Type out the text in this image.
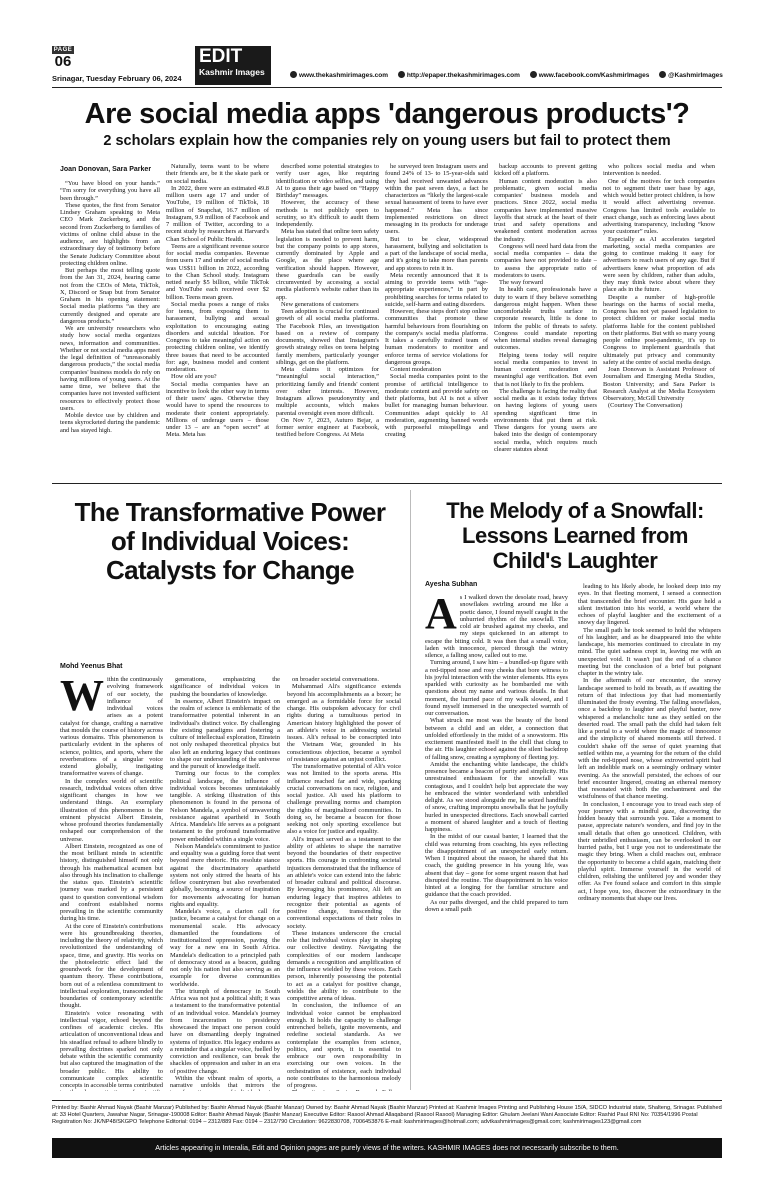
PAGE
06	EDIT
Kashmir Images
Srinagar, Tuesday February 06, 2024	www.thekashmirimages.com	http://epaper.thekashmirimages.com	www.facebook.com/KashmirImages	@KashmirImages
Are social media apps 'dangerous products'?
2 scholars explain how the companies rely on young users but fail to protect them
Joan Donovan, Sara Parker

“You have blood on your hands.” “I'm sorry for everything you have all been through.”

These quotes, the first from Senator Lindsey Graham speaking to Meta CEO Mark Zuckerberg, and the second from Zuckerberg to families of victims of online child abuse in the audience, are highlights from an extraordinary day of testimony before the Senate Judiciary Committee about protecting children online.

But perhaps the most telling quote from the Jan 31, 2024, hearing came not from the CEOs of Meta, TikTok, X, Discord or Snap but from Senator Graham in his opening statement: Social media platforms “as they are currently designed and operate are dangerous products.”

We are university researchers who study how social media organizes news, information and communities. Whether or not social media apps meet the legal definition of “unreasonably dangerous products,” the social media companies' business models do rely on having millions of young users. At the same time, we believe that the companies have not invested sufficient resources to effectively protect those users.

Mobile device use by children and teens skyrocketed during the pandemic and has stayed high.

Naturally, teens want to be where their friends are, be it the skate park or on social media.

In 2022, there were an estimated 49.8 million users age 17 and under of YouTube, 19 million of TikTok, 18 million of Snapchat, 16.7 million of Instagram, 9.9 million of Facebook and 7 million of Twitter, according to a recent study by researchers at Harvard's Chan School of Public Health.

Teens are a significant revenue source for social media companies. Revenue from users 17 and under of social media was US$11 billion in 2022, according to the Chan School study. Instagram netted nearly $5 billion, while TikTok and YouTube each received over $2 billion. Teens mean green.

Social media poses a range of risks for teens, from exposing them to harassment, bullying and sexual exploitation to encouraging eating disorders and suicidal ideation. For Congress to take meaningful action on protecting children online, we identify three issues that need to be accounted for: age, business model and content moderation.

How old are you?

Social media companies have an incentive to look the other way in terms of their users' ages. Otherwise they would have to spend the resources to moderate their content appropriately. Millions of underage users – those under 13 – are an “open secret” at Meta. Meta has

described some potential strategies to verify user ages, like requiring identification or video selfies, and using AI to guess their age based on “Happy Birthday” messages.

However, the accuracy of these methods is not publicly open to scrutiny, so it's difficult to audit them independently.

Meta has stated that online teen safety legislation is needed to prevent harm, but the company points to app stores, currently dominated by Apple and Google, as the place where age verification should happen. However, these guardrails can be easily circumvented by accessing a social media platform's website rather than its app.

New generations of customers

Teen adoption is crucial for continued growth of all social media platforms. The Facebook Files, an investigation based on a review of company documents, showed that Instagram's growth strategy relies on teens helping family members, particularly younger siblings, get on the platform.

Meta claims it optimizes for “meaningful social interaction,” prioritizing family and friends' content over other interests. However, Instagram allows pseudonymity and multiple accounts, which makes parental oversight even more difficult.

On Nov 7, 2023, Auturo Bejar, a former senior engineer at Facebook, testified before Congress. At Meta

he surveyed teen Instagram users and found 24% of 13- to 15-year-olds said they had received unwanted advances within the past seven days, a fact he characterizes as “likely the largest-scale sexual harassment of teens to have ever happened.” Meta has since implemented restrictions on direct messaging in its products for underage users.

But to be clear, widespread harassment, bullying and solicitation is a part of the landscape of social media, and it's going to take more than parents and app stores to rein it in.

Meta recently announced that it is aiming to provide teens with “age-appropriate experiences,” in part by prohibiting searches for terms related to suicide, self-harm and eating disorders.

However, these steps don't stop online communities that promote these harmful behaviours from flourishing on the company's social media platforms. It takes a carefully trained team of human moderators to monitor and enforce terms of service violations for dangerous groups.

Content moderation

Social media companies point to the promise of artificial intelligence to moderate content and provide safety on their platforms, but AI is not a silver bullet for managing human behaviour. Communities adapt quickly to AI moderation, augmenting banned words with purposeful misspellings and creating

backup accounts to prevent getting kicked off a platform.

Human content moderation is also problematic, given social media companies' business models and practices. Since 2022, social media companies have implemented massive layoffs that struck at the heart of their trust and safety operations and weakened content moderation across the industry.

Congress will need hard data from the social media companies – data the companies have not provided to date – to assess the appropriate ratio of moderators to users.

The way forward

In health care, professionals have a duty to warn if they believe something dangerous might happen. When these uncomfortable truths surface in corporate research, little is done to inform the public of threats to safety. Congress could mandate reporting when internal studies reveal damaging outcomes.

Helping teens today will require social media companies to invest in human content moderation and meaningful age verification. But even that is not likely to fix the problem.

The challenge is facing the reality that social media as it exists today thrives on having legions of young users spending significant time in environments that put them at risk. These dangers for young users are baked into the design of contemporary social media, which requires much clearer statutes about

who polices social media and when intervention is needed.

One of the motives for tech companies not to segment their user base by age, which would better protect children, is how it would affect advertising revenue. Congress has limited tools available to enact change, such as enforcing laws about advertising transparency, including “know your customer” rules.

Especially as AI accelerates targeted marketing, social media companies are going to continue making it easy for advertisers to reach users of any age. But if advertisers knew what proportion of ads were seen by children, rather than adults, they may think twice about where they place ads in the future.

Despite a number of high-profile hearings on the harms of social media, Congress has not yet passed legislation to protect children or make social media platforms liable for the content published on their platforms. But with so many young people online post-pandemic, it's up to Congress to implement guardrails that ultimately put privacy and community safety at the centre of social media design.

Joan Donovan is Assistant Professor of Journalism and Emerging Media Studies, Boston University; and Sara Parker is Research Analyst at the Media Ecosystem Observatory, McGill University

(Courtesy The Conversation)

The Transformative Power of Individual Voices: Catalysts for Change
Mohd Yeenus Bhat

Within the continuously evolving framework of our society, the influence of individual voices arises as a potent catalyst for change, crafting a narrative that moulds the course of history across various domains. This phenomenon is particularly evident in the spheres of science, politics, and sports, where the reverberations of a singular voice extend globally, instigating transformative waves of change.

In the complex world of scientific research, individual voices often drive significant changes in how we understand things. An exemplary illustration of this phenomenon is the eminent physicist Albert Einstein, whose profound theories fundamentally reshaped our comprehension of the universe.

Albert Einstein, recognized as one of the most brilliant minds in scientific history, distinguished himself not only through his mathematical acumen but also through his inclination to challenge the status quo. Einstein's scientific journey was marked by a persistent quest to question conventional wisdom and confront established norms prevailing in the scientific community during his time.

At the core of Einstein's contributions were his groundbreaking theories, including the theory of relativity, which revolutionized the understanding of space, time, and gravity. His works on the photoelectric effect laid the groundwork for the development of quantum theory. These contributions, born out of a relentless commitment to intellectual exploration, transcended the boundaries of contemporary scientific thought.

Einstein's voice resonating with intellectual vigor, echoed beyond the confines of academic circles. His articulation of unconventional ideas and his steadfast refusal to adhere blindly to prevailing doctrines sparked not only debate within the scientific community but also captured the imagination of the broader public. His ability to communicate complex scientific concepts in accessible terms contributed

generations, emphasizing the significance of individual voices in pushing the boundaries of knowledge.

In essence, Albert Einstein's impact on the realm of science is emblematic of the transformative potential inherent in an individual's distinct voice. By challenging the existing paradigms and fostering a culture of intellectual exploration, Einstein not only reshaped theoretical physics but also left an enduring legacy that continues to shape our understanding of the universe and the pursuit of knowledge itself.

Turning our focus to the complex political landscape, the influence of individual voices becomes unmistakably tangible. A striking illustration of this phenomenon is found in the persona of Nelson Mandela, a symbol of unwavering resistance against apartheid in South Africa. Mandela's life serves as a poignant testament to the profound transformative power embedded within a single voice.

Nelson Mandela's commitment to justice and equality was a guiding force that went beyond mere rhetoric. His resolute stance against the discriminatory apartheid system not only stirred the hearts of his fellow countrymen but also reverberated globally, becoming a source of inspiration for movements advocating for human rights and equality.

Mandela's voice, a clarion call for justice, became a catalyst for change on a monumental scale. His advocacy dismantled the foundations of institutionalized oppression, paving the way for a new era in South Africa. Mandela's dedication to a principled path of democracy stood as a beacon, guiding not only his nation but also serving as an example for diverse communities worldwide.

The triumph of democracy in South Africa was not just a political shift; it was a testament to the transformative potential of an individual voice. Mandela's journey from incarceration to presidency showcased the impact one person could have on dismantling deeply ingrained systems of injustice. His legacy endures as a reminder that a singular voice, fuelled by conviction and resilience, can break the shackles of oppression and usher in an era of positive change.

Within the vibrant realm of sports, a narrative unfolds that mirrors the

on broader societal conversations.

Muhammad Ali's significance extends beyond his accomplishments as a boxer; he emerged as a formidable force for social change. His outspoken advocacy for civil rights during a tumultuous period in American history highlighted the power of an athlete's voice in addressing societal issues. Ali's refusal to be conscripted into the Vietnam War, grounded in his conscientious objection, became a symbol of resistance against an unjust conflict.

The transformative potential of Ali's voice was not limited to the sports arena. His influence reached far and wide, sparking crucial conversations on race, religion, and social justice. Ali used his platform to challenge prevailing norms and champion the rights of marginalized communities. In doing so, he became a beacon for those seeking not only sporting excellence but also a voice for justice and equality.

Ali's impact served as a testament to the ability of athletes to shape the narrative beyond the boundaries of their respective sports. His courage in confronting societal injustices demonstrated that the influence of an athlete's voice can extend into the fabric of broader cultural and political discourse. By leveraging his prominence, Ali left an enduring legacy that inspires athletes to recognize their potential as agents of positive change, transcending the conventional expectations of their roles in society.

These instances underscore the crucial role that individual voices play in shaping our collective destiny. Navigating the complexities of our modern landscape demands a recognition and amplification of the influence wielded by these voices. Each person, inherently possessing the potential to act as a catalyst for positive change, wields the ability to contribute to the competitive arena of ideas.

In conclusion, the influence of an individual voice cannot be emphasized enough. It holds the capacity to challenge entrenched beliefs, ignite movements, and redefine societal standards. As we contemplate the examples from science, politics, and sports, it is essential to embrace our own responsibility in exercising our own voices. In the orchestration of existence, each individual note contributes to the harmonious melody of progress.

The Melody of a Snowfall: Lessons Learned from Child's Laughter
Ayesha Subhan

As I walked down the desolate road, heavy snowflakes swirling around me like a poetic dance, I found myself caught in the unhurried rhythm of the snowfall. The cold air brushed against my cheeks, and my steps quickened in an attempt to escape the biting cold. It was then that a small voice, laden with innocence, pierced through the wintry silence, a falling snow, called out to me.

Turning around, I saw him – a bundled-up figure with a red-tipped nose and rosy cheeks that bore witness to his joyful interaction with the winter elements. His eyes sparkled with curiosity as he bombarded me with questions about my name and various details. In that moment, the hurried pace of my walk slowed, and I found myself immersed in the unexpected warmth of our conversation.

What struck me most was the beauty of the bond between a child and an elder, a connection that unfolded effortlessly in the midst of a snowstorm. His excitement manifested itself in the chill that clung to the air. His laughter echoed against the silent backdrop of falling snow, creating a symphony of fleeting joy.

Amidst the enchanting white landscape, the child's presence became a beacon of purity and simplicity. His unrestrained enthusiasm for the snowfall was contagious, and I couldn't help but appreciate the way he embraced the winter wonderland with unbridled delight. As we stood alongside me, he seized handfuls of snow, crafting impromptu snowballs that he joyfully hurled in unexpected directions. Each snowball carried a moment of shared laughter and a touch of fleeting happiness.

In the midst of our casual banter, I learned that the child was returning from coaching, his eyes reflecting the disappointment of an unexpected early return. When I inquired about the reason, he shared that his coach, the guiding presence in his young life, was absent that day – gone for some urgent reason that had disrupted the routine. The disappointment in his voice hinted at a longing for the familiar structure and guidance that the coach provided.

As our paths diverged, and the child prepared to turn down a small path

leading to his likely abode, he looked deep into my eyes. In that fleeting moment, I sensed a connection that transcended the brief encounter. His gaze held a silent invitation into his world, a world where the echoes of playful laughter and the excitement of a snowy day lingered.

The small path he took seemed to hold the whispers of his laughter, and as he disappeared into the white landscape, his memories continued to circulate in my mind. The quiet sadness crept in, leaving me with an unexpected void. It wasn't just the end of a chance meeting but the conclusion of a brief but poignant chapter in the wintry tale.

In the aftermath of our encounter, the snowy landscape seemed to hold its breath, as if awaiting the return of that infectious joy that had momentarily illuminated the frosty evening. The falling snowflakes, once a backdrop to laughter and playful banter, now whispered a melancholic tune as they settled on the deserted road. The small path the child had taken felt like a portal to a world where the magic of innocence and the simplicity of shared moments still thrived. I couldn't shake off the sense of quiet yearning that settled within me, a yearning for the return of the child with the red-tipped nose, whose extroverted spirit had left an indelible mark on a seemingly ordinary winter evening. As the snowfall persisted, the echoes of our brief encounter lingered, creating an ethereal memory that resonated with both the enchantment and the wistfulness of that chance meeting.

In conclusion, I encourage you to tread each step of your journey with a mindful gaze, discovering the hidden beauty that surrounds you. Take a moment to pause, appreciate nature's wonders, and find joy in the small details that often go unnoticed. Children, with their unbridled enthusiasm, can be overlooked in our hurried paths, but I urge you not to underestimate the magic they bring. When a child reaches out, embrace the opportunity to become a child again, matching their playful spirit. Immerse yourself in the world of children, relishing the unfiltered joy and wonder they offer. As I've found solace and comfort in this simple act, I hope you, too, discover the extraordinary in the ordinary moments that shape our lives.

Printed by: Bashir Ahmad Nayak (Bashir Manzar) Published by: Bashir Ahmad Nayak (Bashir Manzar) Owned by: Bashir Ahmad Nayak (Bashir Manzar) Printed at: Kashmir Images Printing and Publishing House 15/A, SIDCO Industrial state, Shalteng, Srinagar. Published at: 33 Hotel Quarters, Jawahar Nagar, Srinagar-190008 Editor: Bashir Ahmad Nayak (Bashir Manzar) Executive Editor: Rasool Ahmad Allaqaband (Rasool Rasool) Managing Editor: Ghulam Jeelani Wani Associate Editor: Rashid Paul RNI No: 70354/1996 Postal Registration No: JK/NP48/SKGPO Telephone Editorial: 0194 – 2312/889 Fax: 0194 – 2312/790 Circulation: 9622830708, 7006453876 E-mail: kashmirimages@hotmail.com; advtkashmirimages@gmail.com; kashmirimages123@gmail.com
Articles appearing in Interalia, Edit and Opinion pages are purely views of the writers. KASHMIR IMAGES does not necessarily subscribe to them.
